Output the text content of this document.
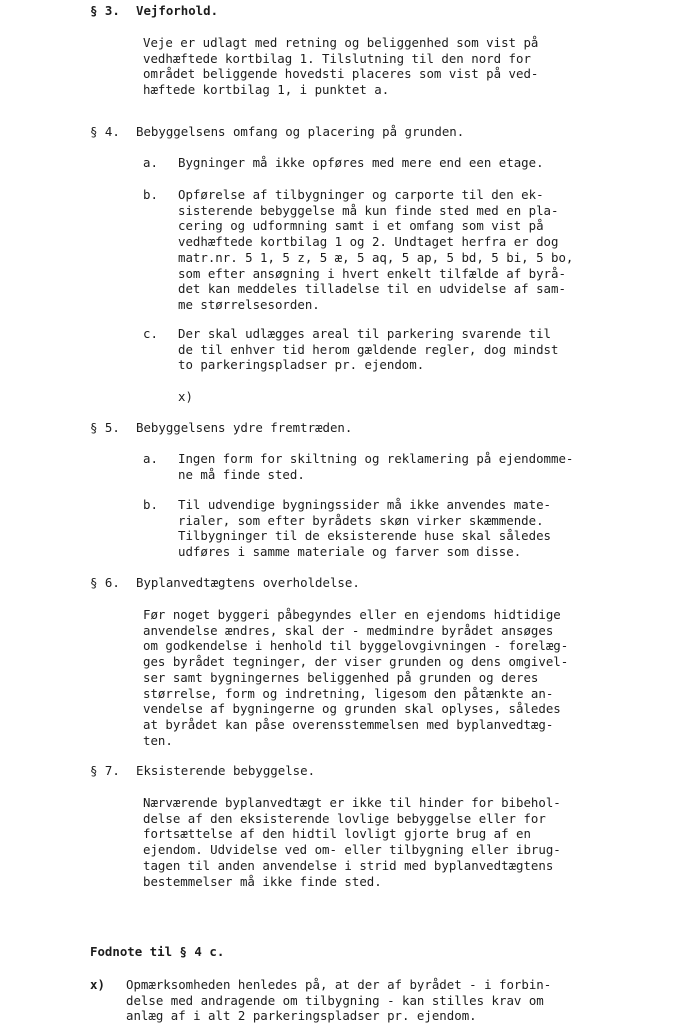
§ 3. Vejforhold.
Veje er udlagt med retning og beliggenhed som vist på
vedhæftede kortbilag 1. Tilslutning til den nord for
området beliggende hovedsti placeres som vist på ved-
hæftede kortbilag 1, i punktet a.
§ 4. Bebyggelsens omfang og placering på grunden.
a. Bygninger må ikke opføres med mere end een etage.
b. Opførelse af tilbygninger og carporte til den ek-
sisterende bebyggelse må kun finde sted med en pla-
cering og udformning samt i et omfang som vist på
vedhæftede kortbilag 1 og 2. Undtaget herfra er dog
matr.nr. 5 1, 5 z, 5 æ, 5 aq, 5 ap, 5 bd, 5 bi, 5 bo,
som efter ansøgning i hvert enkelt tilfælde af byrå-
det kan meddeles tilladelse til en udvidelse af sam-
me størrelsesorden.
c. Der skal udlægges areal til parkering svarende til
de til enhver tid herom gældende regler, dog mindst
to parkeringspladser pr. ejendom.
x)
§ 5. Bebyggelsens ydre fremtræden.
a. Ingen form for skiltning og reklamering på ejendomme-
ne må finde sted.
b. Til udvendige bygningssider må ikke anvendes mate-
rialer, som efter byrådets skøn virker skæmmende.
Tilbygninger til de eksisterende huse skal således
udføres i samme materiale og farver som disse.
§ 6. Byplanvedtægtens overholdelse.
Før noget byggeri påbegyndes eller en ejendoms hidtidige
anvendelse ændres, skal der - medmindre byrådet ansøges
om godkendelse i henhold til byggelovgivningen - forelæg-
ges byrådet tegninger, der viser grunden og dens omgivel-
ser samt bygningernes beliggenhed på grunden og deres
størrelse, form og indretning, ligesom den påtænkte an-
vendelse af bygningerne og grunden skal oplyses, således
at byrådet kan påse overensstemmelsen med byplanvedtæg-
ten.
§ 7. Eksisterende bebyggelse.
Nærværende byplanvedtægt er ikke til hinder for bibehol-
delse af den eksisterende lovlige bebyggelse eller for
fortsættelse af den hidtil lovligt gjorte brug af en
ejendom. Udvidelse ved om- eller tilbygning eller ibrug-
tagen til anden anvendelse i strid med byplanvedtægtens
bestemmelser må ikke finde sted.
Fodnote til § 4 c.
x) Opmærksomheden henledes på, at der af byrådet - i forbin-
delse med andragende om tilbygning - kan stilles krav om
anlæg af i alt 2 parkeringspladser pr. ejendom.
